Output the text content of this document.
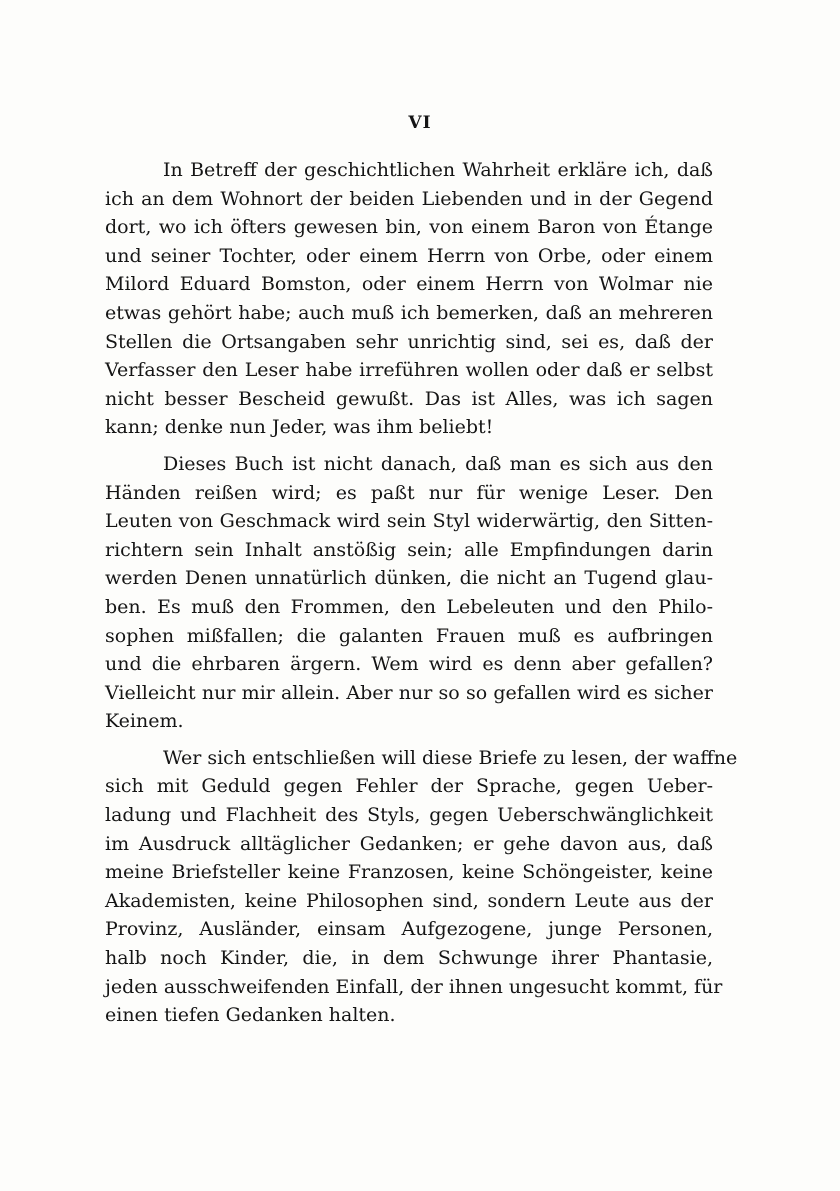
VI
In Betreff der geschichtlichen Wahrheit erkläre ich, daß
ich an dem Wohnort der beiden Liebenden und in der Gegend
dort, wo ich öfters gewesen bin, von einem Baron von Étange
und seiner Tochter, oder einem Herrn von Orbe, oder einem
Milord Eduard Bomston, oder einem Herrn von Wolmar nie
etwas gehört habe; auch muß ich bemerken, daß an mehreren
Stellen die Ortsangaben sehr unrichtig sind, sei es, daß der
Verfasser den Leser habe irreführen wollen oder daß er selbst
nicht besser Bescheid gewußt. Das ist Alles, was ich sagen
kann; denke nun Jeder, was ihm beliebt!
Dieses Buch ist nicht danach, daß man es sich aus den
Händen reißen wird; es paßt nur für wenige Leser. Den
Leuten von Geschmack wird sein Styl widerwärtig, den Sitten-
richtern sein Inhalt anstößig sein; alle Empfindungen darin
werden Denen unnatürlich dünken, die nicht an Tugend glau-
ben. Es muß den Frommen, den Lebeleuten und den Philo-
sophen mißfallen; die galanten Frauen muß es aufbringen
und die ehrbaren ärgern. Wem wird es denn aber gefallen?
Vielleicht nur mir allein. Aber nur so so gefallen wird es sicher
Keinem.
Wer sich entschließen will diese Briefe zu lesen, der waffne
sich mit Geduld gegen Fehler der Sprache, gegen Ueber-
ladung und Flachheit des Styls, gegen Ueberschwänglichkeit
im Ausdruck alltäglicher Gedanken; er gehe davon aus, daß
meine Briefsteller keine Franzosen, keine Schöngeister, keine
Akademisten, keine Philosophen sind, sondern Leute aus der
Provinz, Ausländer, einsam Aufgezogene, junge Personen,
halb noch Kinder, die, in dem Schwunge ihrer Phantasie,
jeden ausschweifenden Einfall, der ihnen ungesucht kommt, für
einen tiefen Gedanken halten.
